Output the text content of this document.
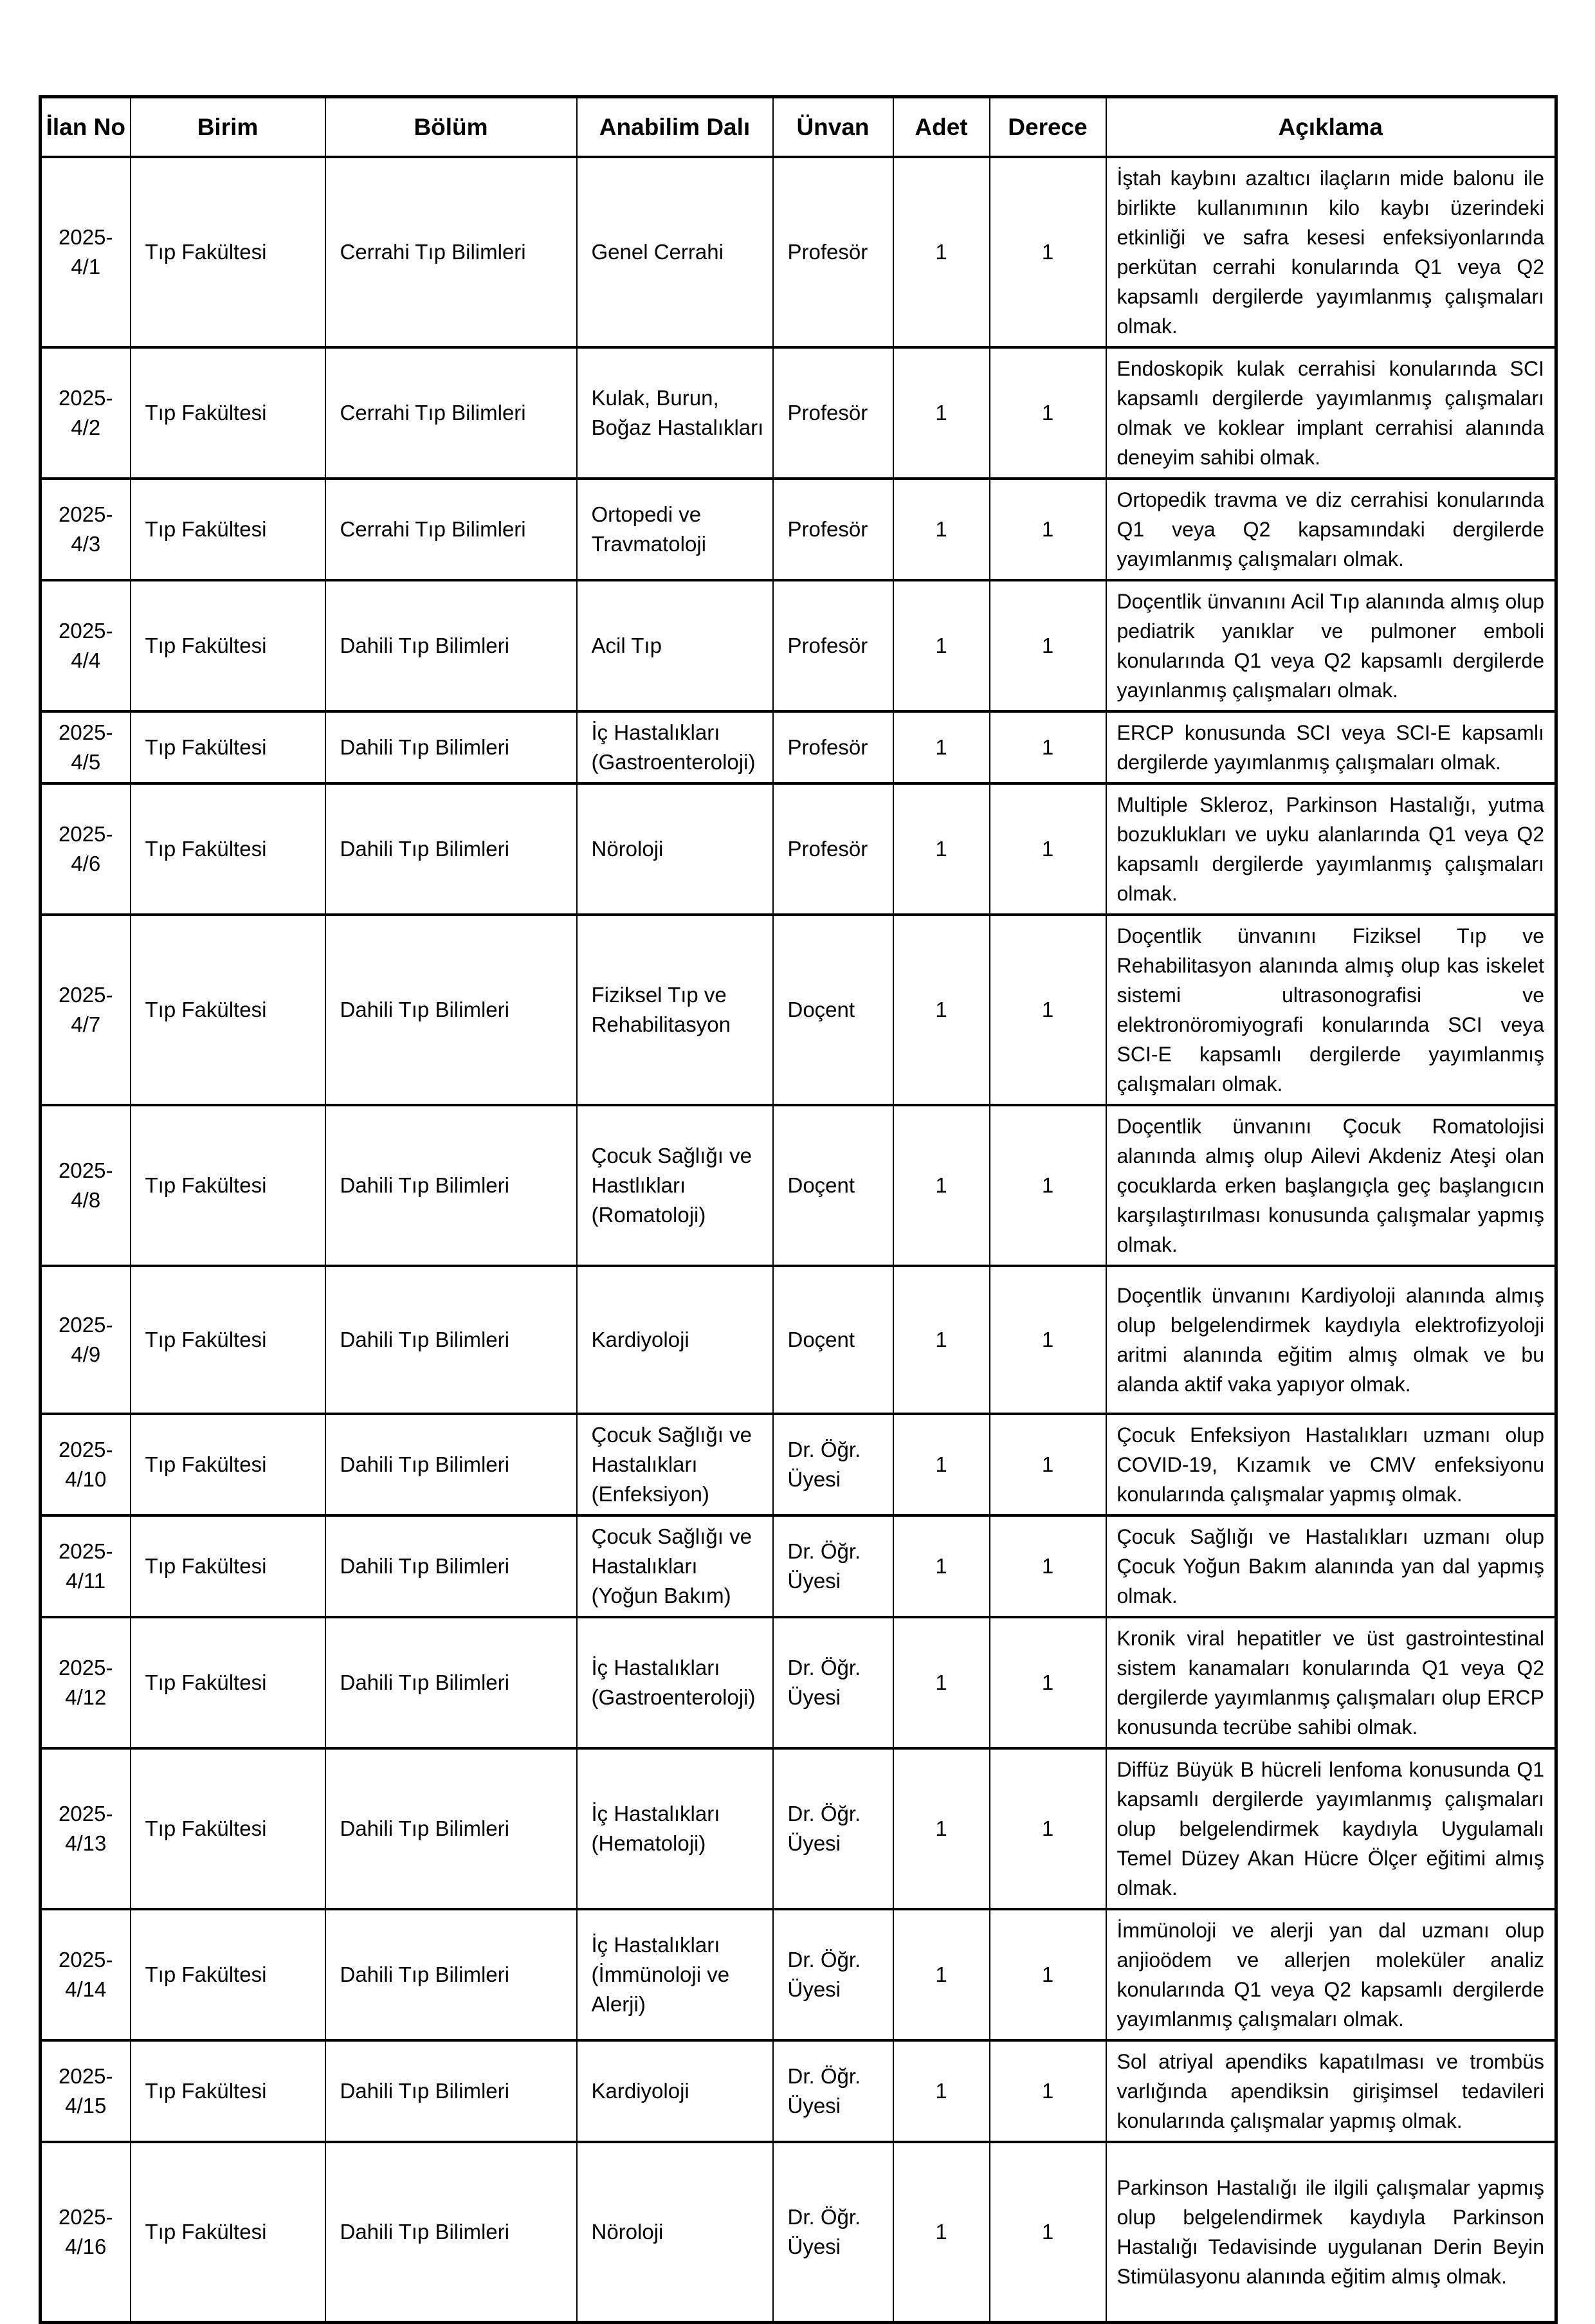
İlan No	Birim	Bölüm	Anabilim Dalı	Ünvan	Adet	Derece	Açıklama
2025-4/1	Tıp Fakültesi	Cerrahi Tıp Bilimleri	Genel Cerrahi	Profesör	1	1	İştah kaybını azaltıcı ilaçların mide balonu ile birlikte kullanımının kilo kaybı üzerindeki etkinliği ve safra kesesi enfeksiyonlarında perkütan cerrahi konularında Q1 veya Q2 kapsamlı dergilerde yayımlanmış çalışmaları olmak.
2025-4/2	Tıp Fakültesi	Cerrahi Tıp Bilimleri	Kulak, Burun, Boğaz Hastalıkları	Profesör	1	1	Endoskopik kulak cerrahisi konularında SCI kapsamlı dergilerde yayımlanmış çalışmaları olmak ve koklear implant cerrahisi alanında deneyim sahibi olmak.
2025-4/3	Tıp Fakültesi	Cerrahi Tıp Bilimleri	Ortopedi ve Travmatoloji	Profesör	1	1	Ortopedik travma ve diz cerrahisi konularında Q1 veya Q2 kapsamındaki dergilerde yayımlanmış çalışmaları olmak.
2025-4/4	Tıp Fakültesi	Dahili Tıp Bilimleri	Acil Tıp	Profesör	1	1	Doçentlik ünvanını Acil Tıp alanında almış olup pediatrik yanıklar ve pulmoner emboli konularında Q1 veya Q2 kapsamlı dergilerde yayınlanmış çalışmaları olmak.
2025-4/5	Tıp Fakültesi	Dahili Tıp Bilimleri	İç Hastalıkları (Gastroenteroloji)	Profesör	1	1	ERCP konusunda SCI veya SCI-E kapsamlı dergilerde yayımlanmış çalışmaları olmak.
2025-4/6	Tıp Fakültesi	Dahili Tıp Bilimleri	Nöroloji	Profesör	1	1	Multiple Skleroz, Parkinson Hastalığı, yutma bozuklukları ve uyku alanlarında Q1 veya Q2 kapsamlı dergilerde yayımlanmış çalışmaları olmak.
2025-4/7	Tıp Fakültesi	Dahili Tıp Bilimleri	Fiziksel Tıp ve Rehabilitasyon	Doçent	1	1	Doçentlik ünvanını Fiziksel Tıp ve Rehabilitasyon alanında almış olup kas iskelet sistemi ultrasonografisi ve elektronöromiyografi konularında SCI veya SCI-E kapsamlı dergilerde yayımlanmış çalışmaları olmak.
2025-4/8	Tıp Fakültesi	Dahili Tıp Bilimleri	Çocuk Sağlığı ve Hastlıkları (Romatoloji)	Doçent	1	1	Doçentlik ünvanını Çocuk Romatolojisi alanında almış olup Ailevi Akdeniz Ateşi olan çocuklarda erken başlangıçla geç başlangıcın karşılaştırılması konusunda çalışmalar yapmış olmak.
2025-4/9	Tıp Fakültesi	Dahili Tıp Bilimleri	Kardiyoloji	Doçent	1	1	Doçentlik ünvanını Kardiyoloji alanında almış olup belgelendirmek kaydıyla elektrofizyoloji aritmi alanında eğitim almış olmak ve bu alanda aktif vaka yapıyor olmak.
2025-4/10	Tıp Fakültesi	Dahili Tıp Bilimleri	Çocuk Sağlığı ve Hastalıkları (Enfeksiyon)	Dr. Öğr. Üyesi	1	1	Çocuk Enfeksiyon Hastalıkları uzmanı olup COVID-19, Kızamık ve CMV enfeksiyonu konularında çalışmalar yapmış olmak.
2025-4/11	Tıp Fakültesi	Dahili Tıp Bilimleri	Çocuk Sağlığı ve Hastalıkları (Yoğun Bakım)	Dr. Öğr. Üyesi	1	1	Çocuk Sağlığı ve Hastalıkları uzmanı olup Çocuk Yoğun Bakım alanında yan dal yapmış olmak.
2025-4/12	Tıp Fakültesi	Dahili Tıp Bilimleri	İç Hastalıkları (Gastroenteroloji)	Dr. Öğr. Üyesi	1	1	Kronik viral hepatitler ve üst gastrointestinal sistem kanamaları konularında Q1 veya Q2 dergilerde yayımlanmış çalışmaları olup ERCP konusunda tecrübe sahibi olmak.
2025-4/13	Tıp Fakültesi	Dahili Tıp Bilimleri	İç Hastalıkları (Hematoloji)	Dr. Öğr. Üyesi	1	1	Diffüz Büyük B hücreli lenfoma konusunda Q1 kapsamlı dergilerde yayımlanmış çalışmaları olup belgelendirmek kaydıyla Uygulamalı Temel Düzey Akan Hücre Ölçer eğitimi almış olmak.
2025-4/14	Tıp Fakültesi	Dahili Tıp Bilimleri	İç Hastalıkları (İmmünoloji ve Alerji)	Dr. Öğr. Üyesi	1	1	İmmünoloji ve alerji yan dal uzmanı olup anjioödem ve allerjen moleküler analiz konularında Q1 veya Q2 kapsamlı dergilerde yayımlanmış çalışmaları olmak.
2025-4/15	Tıp Fakültesi	Dahili Tıp Bilimleri	Kardiyoloji	Dr. Öğr. Üyesi	1	1	Sol atriyal apendiks kapatılması ve trombüs varlığında apendiksin girişimsel tedavileri konularında çalışmalar yapmış olmak.
2025-4/16	Tıp Fakültesi	Dahili Tıp Bilimleri	Nöroloji	Dr. Öğr. Üyesi	1	1	Parkinson Hastalığı ile ilgili çalışmalar yapmış olup belgelendirmek kaydıyla Parkinson Hastalığı Tedavisinde uygulanan Derin Beyin Stimülasyonu alanında eğitim almış olmak.
